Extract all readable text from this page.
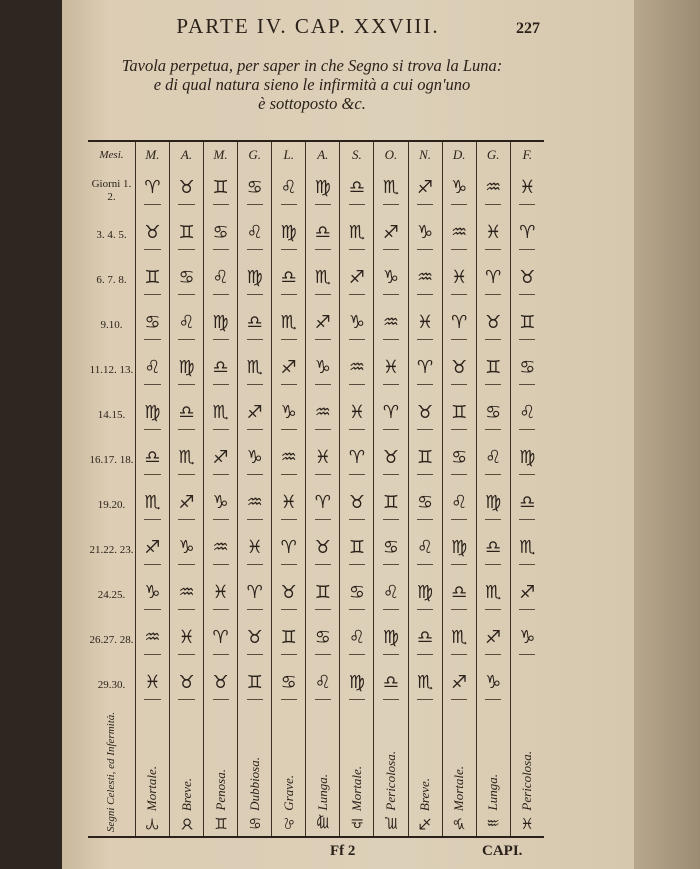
PARTE IV. CAP. XXVIII.	227
Tavola perpetua, per saper in che Segno si trova la Luna:
e di qual natura sieno le infirmità a cui ogn'uno
è sottoposto &c.
Mesi.	M.	A.	M.	G.	L.	A.	S.	O.	N.	D.	G.	F.
Giorni 1. 2.	♈	♉	♊	♋	♌	♍	♎	♏	♐	♑	♒	♓
3. 4. 5.	♉	♊	♋	♌	♍	♎	♏	♐	♑	♒	♓	♈
6. 7. 8.	♊	♋	♌	♍	♎	♏	♐	♑	♒	♓	♈	♉
9.10.	♋	♌	♍	♎	♏	♐	♑	♒	♓	♈	♉	♊
11.12. 13.	♌	♍	♎	♏	♐	♑	♒	♓	♈	♉	♊	♋
14.15.	♍	♎	♏	♐	♑	♒	♓	♈	♉	♊	♋	♌
16.17. 18.	♎	♏	♐	♑	♒	♓	♈	♉	♊	♋	♌	♍
19.20.	♏	♐	♑	♒	♓	♈	♉	♊	♋	♌	♍	♎
21.22. 23.	♐	♑	♒	♓	♈	♉	♊	♋	♌	♍	♎	♏
24.25.	♑	♒	♓	♈	♉	♊	♋	♌	♍	♎	♏	♐
26.27. 28.	♒	♓	♈	♉	♊	♋	♌	♍	♎	♏	♐	♑
29.30.	♓	♉	♉	♊	♋	♌	♍	♎	♏	♐	♑	
Segni Celesti, ed Infermità.	♈ Mortale.	♉ Breve.	♊ Penosa.	♋ Dubbiosa.	♌ Grave.	♍ Lunga.	♎ Mortale.	♏ Pericolosa.	♐ Breve.	♑ Mortale.	♒ Lunga.	♓ Pericolosa.
Ff 2	CAPI.
